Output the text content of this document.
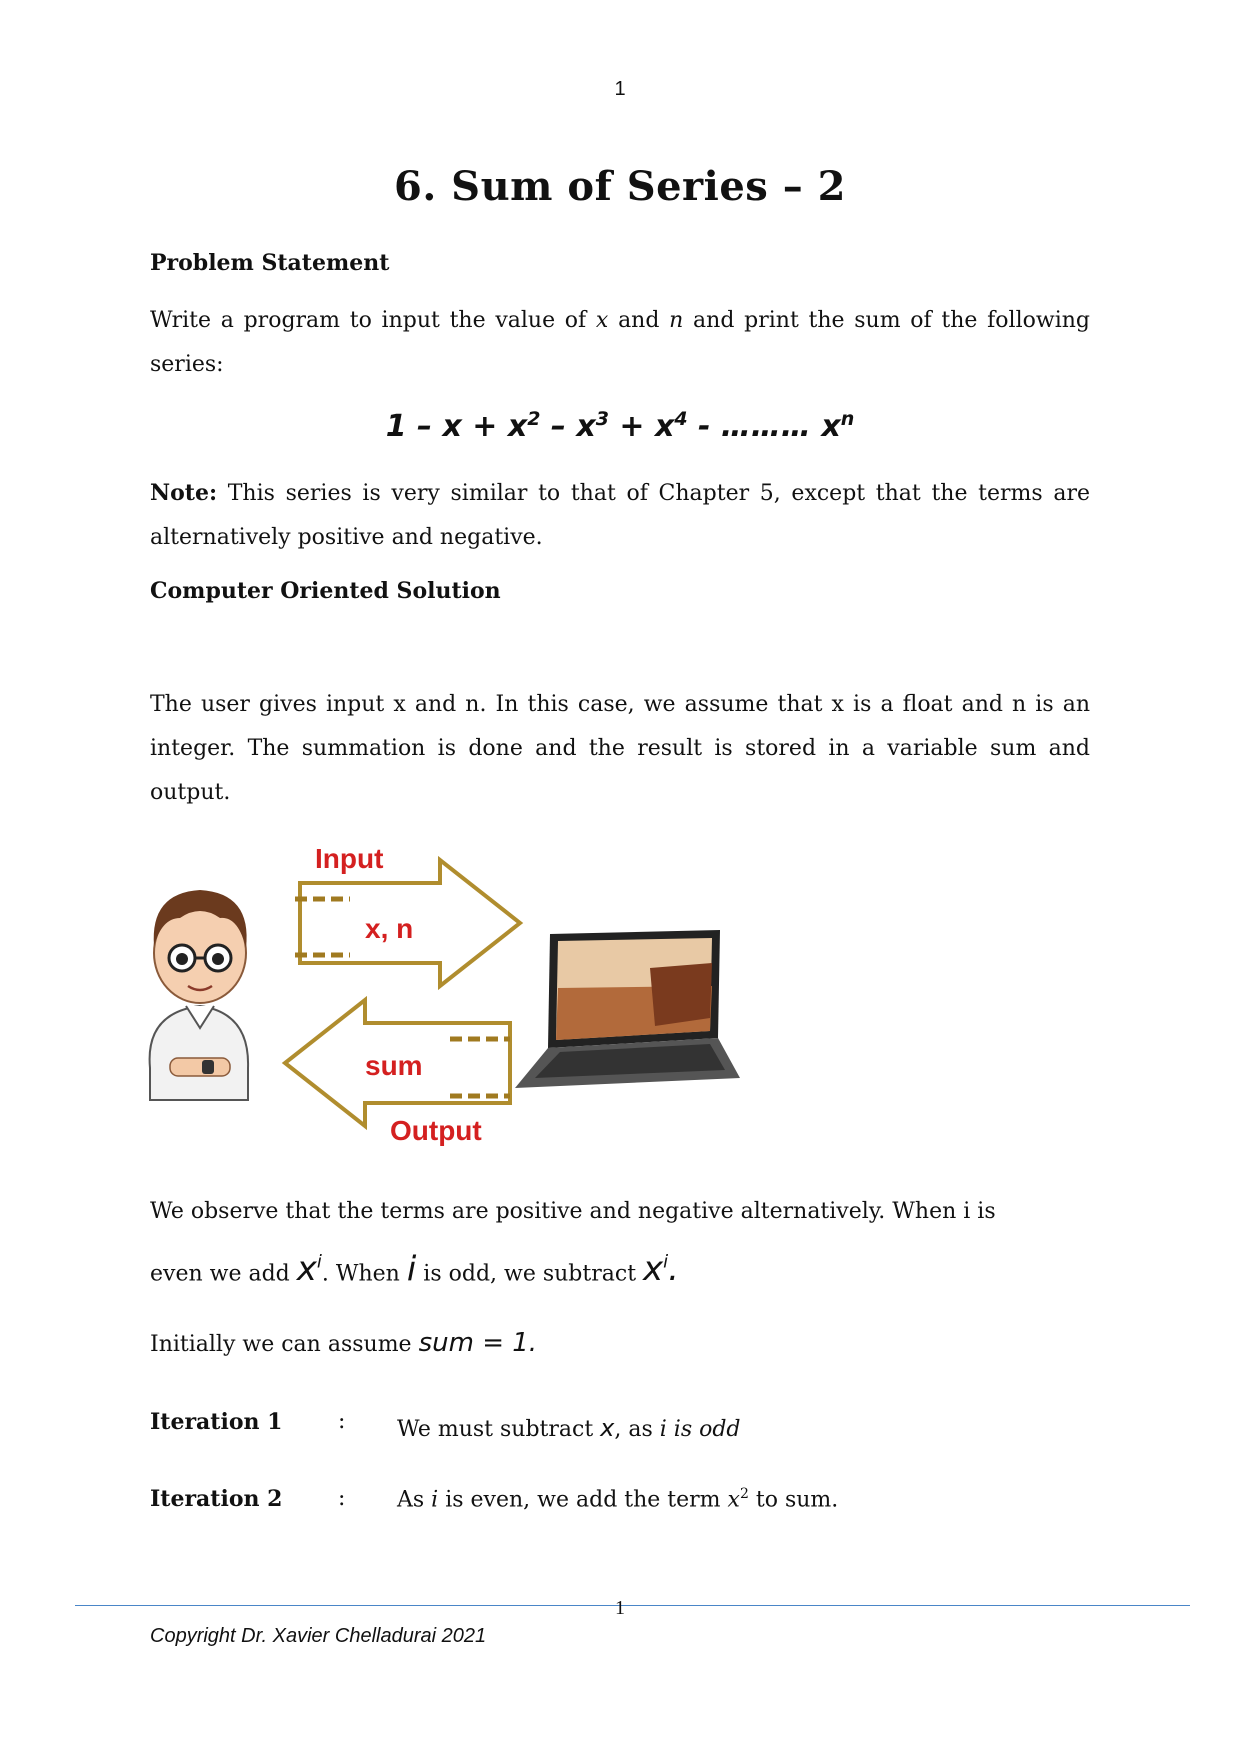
1
6. Sum of Series – 2
Problem Statement
Write a program to input the value of x and n and print the sum of the following series:
$1 - x + x^2 - x^3 + x^4$ - ……… $x^n$
Note: This series is very similar to that of Chapter 5, except that the terms are alternatively positive and negative.
Computer Oriented Solution
The user gives input x and n. In this case, we assume that x is a float and n is an integer. The summation is done and the result is stored in a variable sum and output.
Input
x, n
sum
Output
We observe that the terms are positive and negative alternatively. When i is
even we add $x^i$. When i is odd, we subtract $x^i$.
Initially we can assume sum = 1.
Iteration 1	: We must subtract x, as i is odd
Iteration 2	: As i is even, we add the term $x^2$ to sum.
1
Copyright Dr. Xavier Chelladurai 2021
